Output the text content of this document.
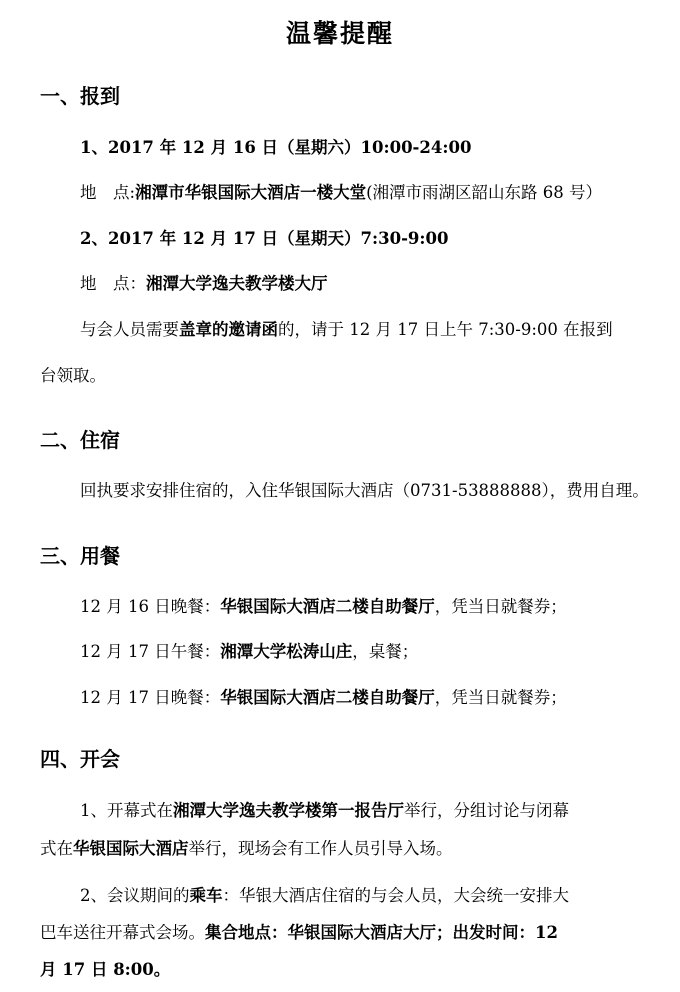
温馨提醒
一、报到
1、2017 年 12 月 16 日（星期六）10:00-24:00
地　点:湘潭市华银国际大酒店一楼大堂(湘潭市雨湖区韶山东路 68 号）
2、2017 年 12 月 17 日（星期天）7:30-9:00
地　点：湘潭大学逸夫教学楼大厅
与会人员需要盖章的邀请函的，请于 12 月 17 日上午 7:30-9:00 在报到
台领取。
二、住宿
回执要求安排住宿的，入住华银国际大酒店（0731-53888888），费用自理。
三、用餐
12 月 16 日晚餐：华银国际大酒店二楼自助餐厅，凭当日就餐券；
12 月 17 日午餐：湘潭大学松涛山庄，桌餐；
12 月 17 日晚餐：华银国际大酒店二楼自助餐厅，凭当日就餐券；
四、开会
1、开幕式在湘潭大学逸夫教学楼第一报告厅举行，分组讨论与闭幕
式在华银国际大酒店举行，现场会有工作人员引导入场。
2、会议期间的乘车：华银大酒店住宿的与会人员，大会统一安排大
巴车送往开幕式会场。集合地点：华银国际大酒店大厅；出发时间：12
月 17 日 8:00。
